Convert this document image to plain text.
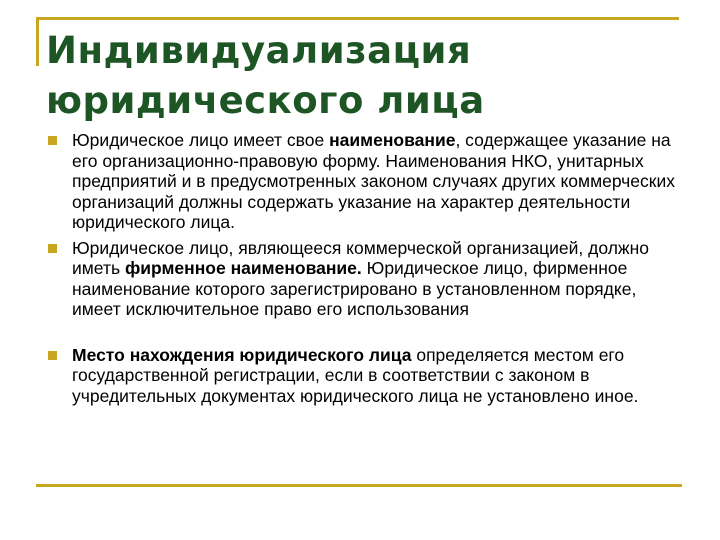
Индивидуализация
юридического лица
Юридическое лицо имеет свое наименование, содержащее указание на его организационно-правовую форму. Наименования НКО, унитарных предприятий и в предусмотренных законом случаях других коммерческих организаций должны содержать указание на характер деятельности юридического лица.
Юридическое лицо, являющееся коммерческой организацией, должно иметь фирменное наименование. Юридическое лицо, фирменное наименование которого зарегистрировано в установленном порядке, имеет исключительное право его использования
Место нахождения юридического лица определяется местом его государственной регистрации, если в соответствии с законом в учредительных документах юридического лица не установлено иное.
